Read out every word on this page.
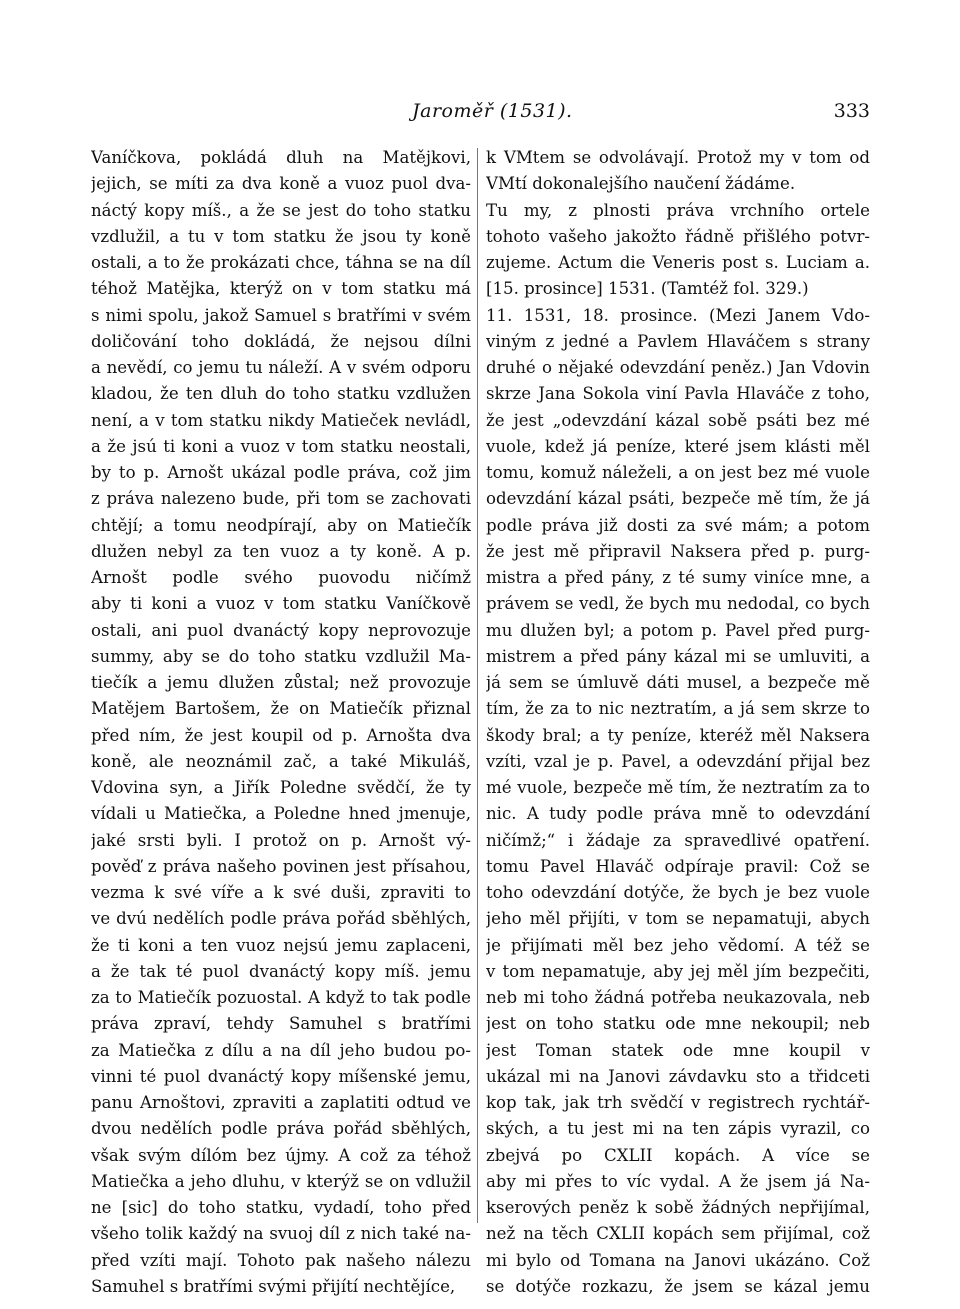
Jaroměř (1531).	333
Vaníčkova, pokládá dluh na Matějkovi,
jejich, se míti za dva koně a vuoz puol dva-
náctý kopy míš., a že se jest do toho statku
vzdlužil, a tu v tom statku že jsou ty koně
ostali, a to že prokázati chce, táhna se na díl
téhož Matějka, kterýž on v tom statku má
s nimi spolu, jakož Samuel s bratřími v svém
doličování toho dokládá, že nejsou dílni
a nevědí, co jemu tu náleží. A v svém odporu
kladou, že ten dluh do toho statku vzdlužen
není, a v tom statku nikdy Matieček nevládl,
a že jsú ti koni a vuoz v tom statku neostali,
by to p. Arnošt ukázal podle práva, což jim
z práva nalezeno bude, při tom se zachovati
chtějí; a tomu neodpírají, aby on Matiečík
dlužen nebyl za ten vuoz a ty koně. A p.
Arnošt podle svého puovodu ničímž
aby ti koni a vuoz v tom statku Vaníčkově
ostali, ani puol dvanáctý kopy neprovozuje
summy, aby se do toho statku vzdlužil Ma-
tiečík a jemu dlužen zůstal; než provozuje
Matějem Bartošem, že on Matiečík přiznal
před ním, že jest koupil od p. Arnošta dva
koně, ale neoznámil zač, a také Mikuláš,
Vdovina syn, a Jiřík Poledne svědčí, že ty
vídali u Matiečka, a Poledne hned jmenuje,
jaké srsti byli. I protož on p. Arnošt vý-
pověď z práva našeho povinen jest přísahou,
vezma k své víře a k své duši, zpraviti to
ve dvú nedělích podle práva pořád sběhlých,
že ti koni a ten vuoz nejsú jemu zaplaceni,
a že tak té puol dvanáctý kopy míš. jemu
za to Matiečík pozuostal. A když to tak podle
práva zpraví, tehdy Samuhel s bratřími
za Matiečka z dílu a na díl jeho budou po-
vinni té puol dvanáctý kopy míšenské jemu,
panu Arnoštovi, zpraviti a zaplatiti odtud ve
dvou nedělích podle práva pořád sběhlých,
však svým dílóm bez újmy. A což za téhož
Matiečka a jeho dluhu, v kterýž se on vdlužil
ne [sic] do toho statku, vydadí, toho před
všeho tolik každý na svuoj díl z nich také na-
před vzíti mají. Tohoto pak našeho nálezu
Samuhel s bratřími svými přijítí nechtějíce,
k VMtem se odvolávají. Protož my v tom od
VMtí dokonalejšího naučení žádáme.
Tu my, z plnosti práva vrchního ortele
tohoto vašeho jakožto řádně přišlého potvr-
zujeme. Actum die Veneris post s. Luciam a.
[15. prosince] 1531. (Tamtéž fol. 329.)
11. 1531, 18. prosince. (Mezi Janem Vdo-
viným z jedné a Pavlem Hlaváčem s strany
druhé o nějaké odevzdání peněz.) Jan Vdovin
skrze Jana Sokola viní Pavla Hlaváče z toho,
že jest „odevzdání kázal sobě psáti bez mé
vuole, kdež já peníze, které jsem klásti měl
tomu, komuž náleželi, a on jest bez mé vuole
odevzdání kázal psáti, bezpeče mě tím, že já
podle práva již dosti za své mám; a potom
že jest mě připravil Naksera před p. purg-
mistra a před pány, z té sumy viníce mne, a
právem se vedl, že bych mu nedodal, co bych
mu dlužen byl; a potom p. Pavel před purg-
mistrem a před pány kázal mi se umluviti, a
já sem se úmluvě dáti musel, a bezpeče mě
tím, že za to nic neztratím, a já sem skrze to
škody bral; a ty peníze, kteréž měl Naksera
vzíti, vzal je p. Pavel, a odevzdání přijal bez
mé vuole, bezpeče mě tím, že neztratím za to
nic. A tudy podle práva mně to odevzdání
ničímž;“ i žádaje za spravedlivé opatření.
tomu Pavel Hlaváč odpíraje pravil: Což se
toho odevzdání dotýče, že bych je bez vuole
jeho měl přijíti, v tom se nepamatuji, abych
je přijímati měl bez jeho vědomí. A též se
v tom nepamatuje, aby jej měl jím bezpečiti,
neb mi toho žádná potřeba neukazovala, neb
jest on toho statku ode mne nekoupil; neb
jest Toman statek ode mne koupil v
ukázal mi na Janovi závdavku sto a třidceti
kop tak, jak trh svědčí v registrech rychtář-
ských, a tu jest mi na ten zápis vyrazil, co
zbejvá po CXLII kopách. A více se
aby mi přes to víc vydal. A že jsem já Na-
kserových peněz k sobě žádných nepřijímal,
než na těch CXLII kopách sem přijímal, což
mi bylo od Tomana na Janovi ukázáno. Což
se dotýče rozkazu, že jsem se kázal jemu
